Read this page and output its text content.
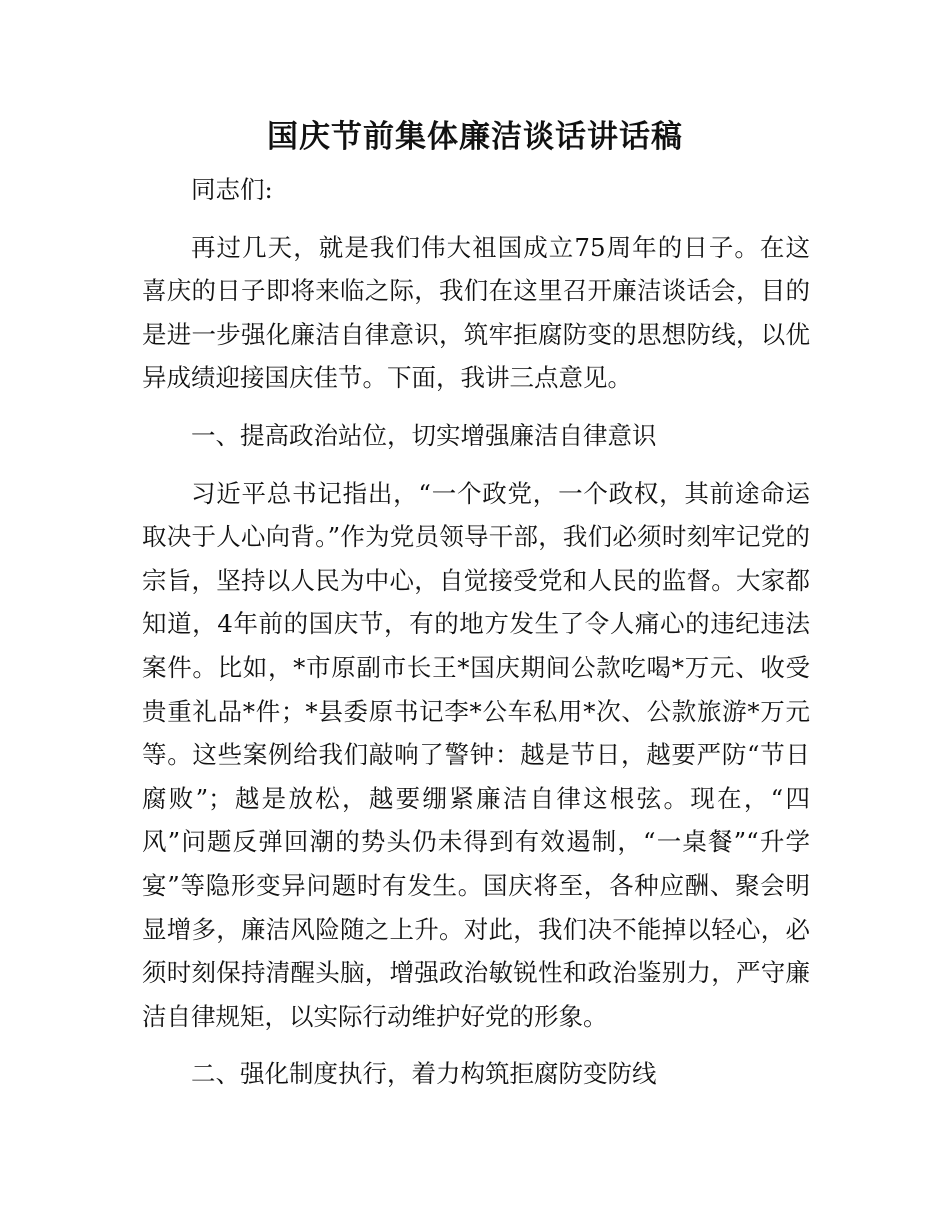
国庆节前集体廉洁谈话讲话稿

同志们:

再过几天，就是我们伟大祖国成立75周年的日子。在这喜庆的日子即将来临之际，我们在这里召开廉洁谈话会，目的是进一步强化廉洁自律意识，筑牢拒腐防变的思想防线，以优异成绩迎接国庆佳节。下面，我讲三点意见。

一、提高政治站位，切实增强廉洁自律意识

习近平总书记指出，“一个政党，一个政权，其前途命运取决于人心向背。”作为党员领导干部，我们必须时刻牢记党的宗旨，坚持以人民为中心，自觉接受党和人民的监督。大家都知道，4年前的国庆节，有的地方发生了令人痛心的违纪违法案件。比如，*市原副市长王*国庆期间公款吃喝*万元、收受贵重礼品*件；*县委原书记李*公车私用*次、公款旅游*万元等。这些案例给我们敲响了警钟：越是节日，越要严防“节日腐败”；越是放松，越要绷紧廉洁自律这根弦。现在，“四风”问题反弹回潮的势头仍未得到有效遏制，“一桌餐”“升学宴”等隐形变异问题时有发生。国庆将至，各种应酬、聚会明显增多，廉洁风险随之上升。对此，我们决不能掉以轻心，必须时刻保持清醒头脑，增强政治敏锐性和政治鉴别力，严守廉洁自律规矩，以实际行动维护好党的形象。

二、强化制度执行，着力构筑拒腐防变防线
